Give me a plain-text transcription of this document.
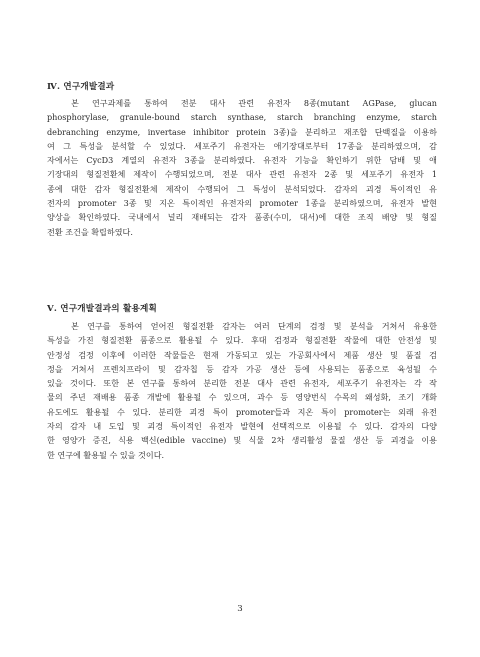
Ⅳ. 연구개발결과
본 연구과제를 통하여 전분 대사 관련 유전자 8종(mutant AGPase, glucan
phosphorylase, granule-bound starch synthase, starch branching enzyme, starch
debranching enzyme, invertase inhibitor protein 3종)을 분리하고 재조합 단백질을 이용하
여 그 특성을 분석할 수 있었다. 세포주기 유전자는 애기장대로부터 17종을 분리하였으며, 감
자에서는 CycD3 계열의 유전자 3종을 분리하였다. 유전자 기능을 확인하기 위한 담배 및 애
기장대의 형질전환체 제작이 수행되었으며, 전분 대사 관련 유전자 2종 및 세포주기 유전자 1
종에 대한 감자 형질전환체 제작이 수행되어 그 특성이 분석되었다. 감자의 괴경 특이적인 유
전자의 promoter 3종 및 지온 특이적인 유전자의 promoter 1종을 분리하였으며, 유전자 발현
양상을 확인하였다. 국내에서 널리 재배되는 감자 품종(수미, 대서)에 대한 조직 배양 및 형질
전환 조건을 확립하였다.
Ⅴ. 연구개발결과의 활용계획
본 연구를 통하여 얻어진 형질전환 감자는 여러 단계의 검정 및 분석을 거쳐서 유용한
특성을 가진 형질전환 품종으로 활용될 수 있다. 후대 검정과 형질전환 작물에 대한 안전성 및
안정성 검정 이후에 이러한 작물들은 현재 가동되고 있는 가공회사에서 제품 생산 및 품질 검
정을 거쳐서 프렌치프라이 및 감자칩 등 감자 가공 생산 등에 사용되는 품종으로 육성될 수
있을 것이다. 또한 본 연구를 통하여 분리한 전분 대사 관련 유전자, 세포주기 유전자는 각 작
물의 주년 재배용 품종 개발에 활용될 수 있으며, 과수 등 영양번식 수목의 왜성화, 조기 개화
유도에도 활용될 수 있다. 분리한 괴경 특이 promoter들과 지온 특이 promoter는 외래 유전
자의 감자 내 도입 및 괴경 특이적인 유전자 발현에 선택적으로 이용될 수 있다. 감자의 다양
한 영양가 증진, 식용 백신(edible vaccine) 및 식물 2차 생리활성 물질 생산 등 괴경을 이용
한 연구에 활용될 수 있을 것이다.
3
